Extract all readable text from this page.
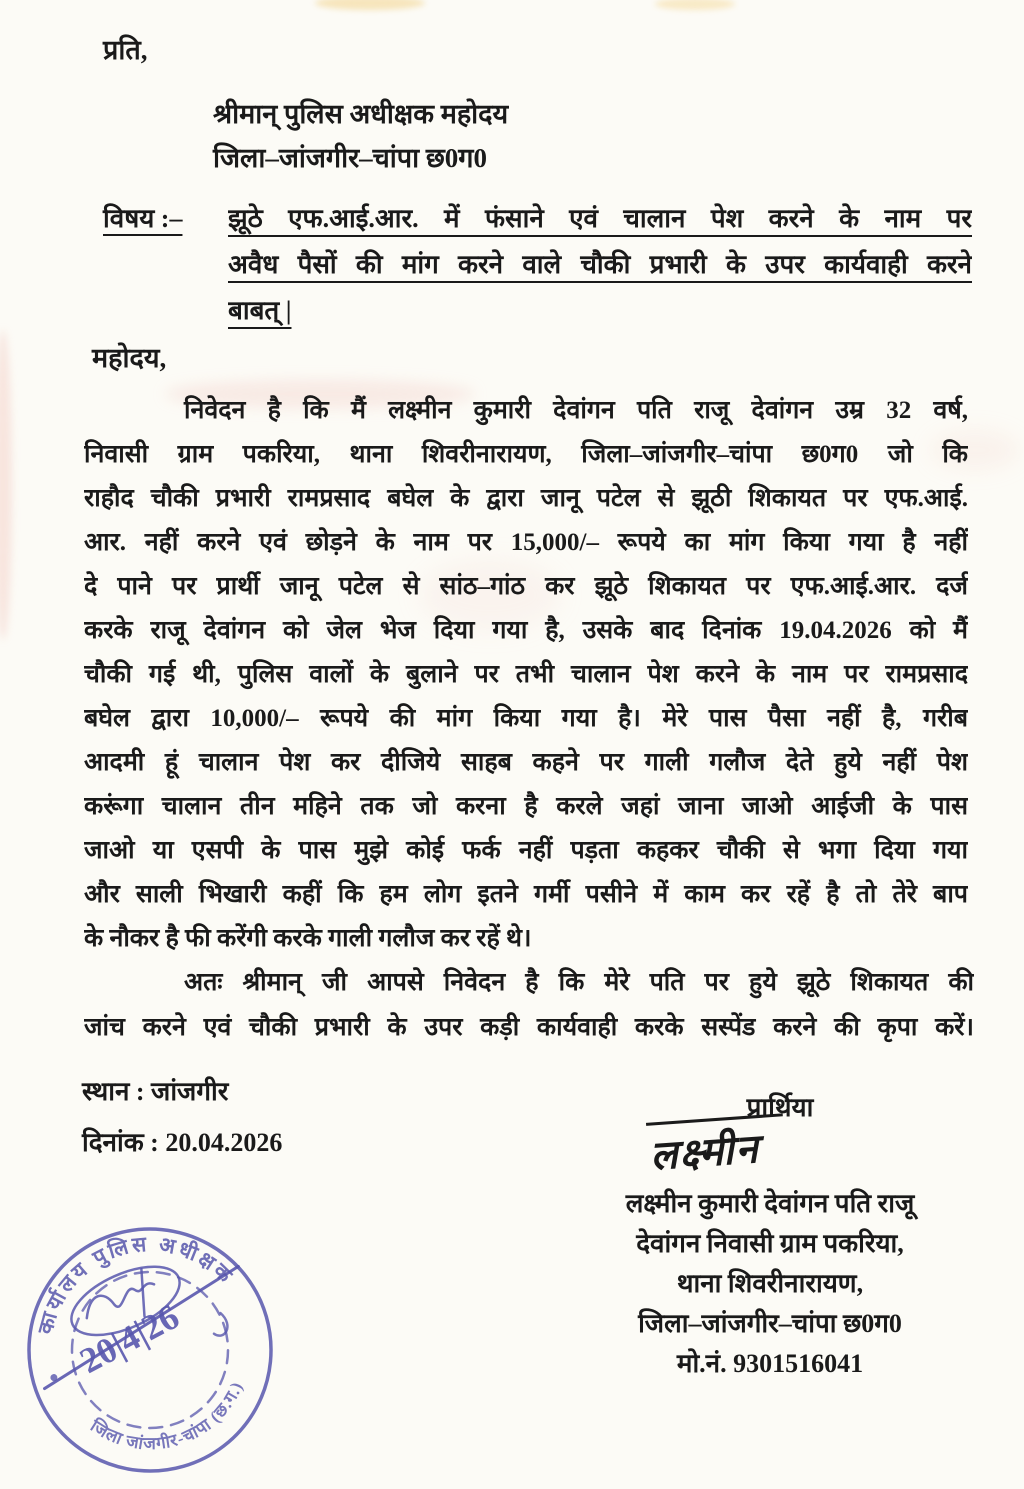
प्रति,
श्रीमान् पुलिस अधीक्षक महोदय
जिला–जांजगीर–चांपा छ0ग0
विषय :– झूठे एफ.आई.आर. में फंसाने एवं चालान पेश करने के नाम पर
अवैध पैसों की मांग करने वाले चौकी प्रभारी के उपर कार्यवाही करने
बाबत् |
महोदय,
निवेदन है कि मैं लक्ष्मीन कुमारी देवांगन पति राजू देवांगन उम्र 32 वर्ष,
निवासी ग्राम पकरिया, थाना शिवरीनारायण, जिला–जांजगीर–चांपा छ0ग0 जो कि
राहौद चौकी प्रभारी रामप्रसाद बघेल के द्वारा जानू पटेल से झूठी शिकायत पर एफ.आई.
आर. नहीं करने एवं छोड़ने के नाम पर 15,000/– रूपये का मांग किया गया है नहीं
दे पाने पर प्रार्थी जानू पटेल से सांठ–गांठ कर झूठे शिकायत पर एफ.आई.आर. दर्ज
करके राजू देवांगन को जेल भेज दिया गया है, उसके बाद दिनांक 19.04.2026 को मैं
चौकी गई थी, पुलिस वालों के बुलाने पर तभी चालान पेश करने के नाम पर रामप्रसाद
बघेल द्वारा 10,000/– रूपये की मांग किया गया है। मेरे पास पैसा नहीं है, गरीब
आदमी हूं चालान पेश कर दीजिये साहब कहने पर गाली गलौज देते हुये नहीं पेश
करूंगा चालान तीन महिने तक जो करना है करले जहां जाना जाओ आईजी के पास
जाओ या एसपी के पास मुझे कोई फर्क नहीं पड़ता कहकर चौकी से भगा दिया गया
और साली भिखारी कहीं कि हम लोग इतने गर्मी पसीने में काम कर रहें है तो तेरे बाप
के नौकर है फी करेंगी करके गाली गलौज कर रहें थे।
अतः श्रीमान् जी आपसे निवेदन है कि मेरे पति पर हुये झूठे शिकायत की
जांच करने एवं चौकी प्रभारी के उपर कड़ी कार्यवाही करके सस्पेंड करने की कृपा करें।
स्थान : जांजगीर
दिनांक : 20.04.2026
प्रार्थिया
लक्ष्मीन
लक्ष्मीन कुमारी देवांगन पति राजू
देवांगन निवासी ग्राम पकरिया,
थाना शिवरीनारायण,
जिला–जांजगीर–चांपा छ0ग0
मो.नं. 9301516041
कार्यालय पुलिस अधीक्षक
जिला जांजगीर-चांपा (छ.ग.)
20|4|26
